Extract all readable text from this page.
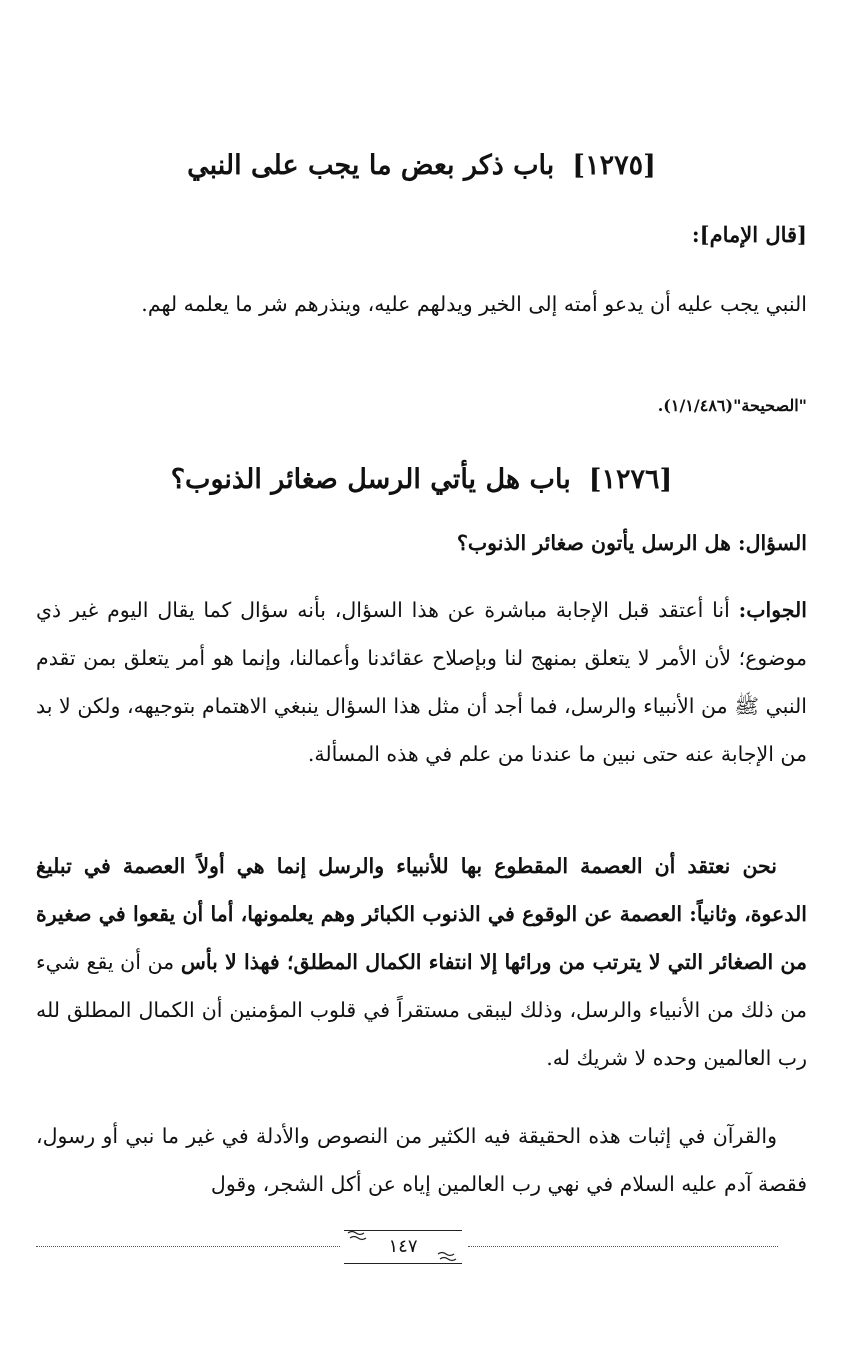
[١٢٧٥]باب ذكر بعض ما يجب على النبي
[قال الإمام]:

النبي يجب عليه أن يدعو أمته إلى الخير ويدلهم عليه، وينذرهم شر ما يعلمه لهم.

"الصحيحة"(١/١/٤٨٦).
[١٢٧٦]باب هل يأتي الرسل صغائر الذنوب؟
السؤال: هل الرسل يأتون صغائر الذنوب؟

الجواب: أنا أعتقد قبل الإجابة مباشرة عن هذا السؤال، بأنه سؤال كما يقال اليوم غير ذي موضوع؛ لأن الأمر لا يتعلق بمنهج لنا وبإصلاح عقائدنا وأعمالنا، وإنما هو أمر يتعلق بمن تقدم النبي ﷺ من الأنبياء والرسل، فما أجد أن مثل هذا السؤال ينبغي الاهتمام بتوجيهه، ولكن لا بد من الإجابة عنه حتى نبين ما عندنا من علم في هذه المسألة.

نحن نعتقد أن العصمة المقطوع بها للأنبياء والرسل إنما هي أولاً العصمة في تبليغ الدعوة، وثانياً: العصمة عن الوقوع في الذنوب الكبائر وهم يعلمونها، أما أن يقعوا في صغيرة من الصغائر التي لا يترتب من ورائها إلا انتفاء الكمال المطلق؛ فهذا لا بأس من أن يقع شيء من ذلك من الأنبياء والرسل، وذلك ليبقى مستقراً في قلوب المؤمنين أن الكمال المطلق لله رب العالمين وحده لا شريك له.

والقرآن في إثبات هذه الحقيقة فيه الكثير من النصوص والأدلة في غير ما نبي أو رسول، فقصة آدم عليه السلام في نهي رب العالمين إياه عن أكل الشجر، وقول

١٤٧
